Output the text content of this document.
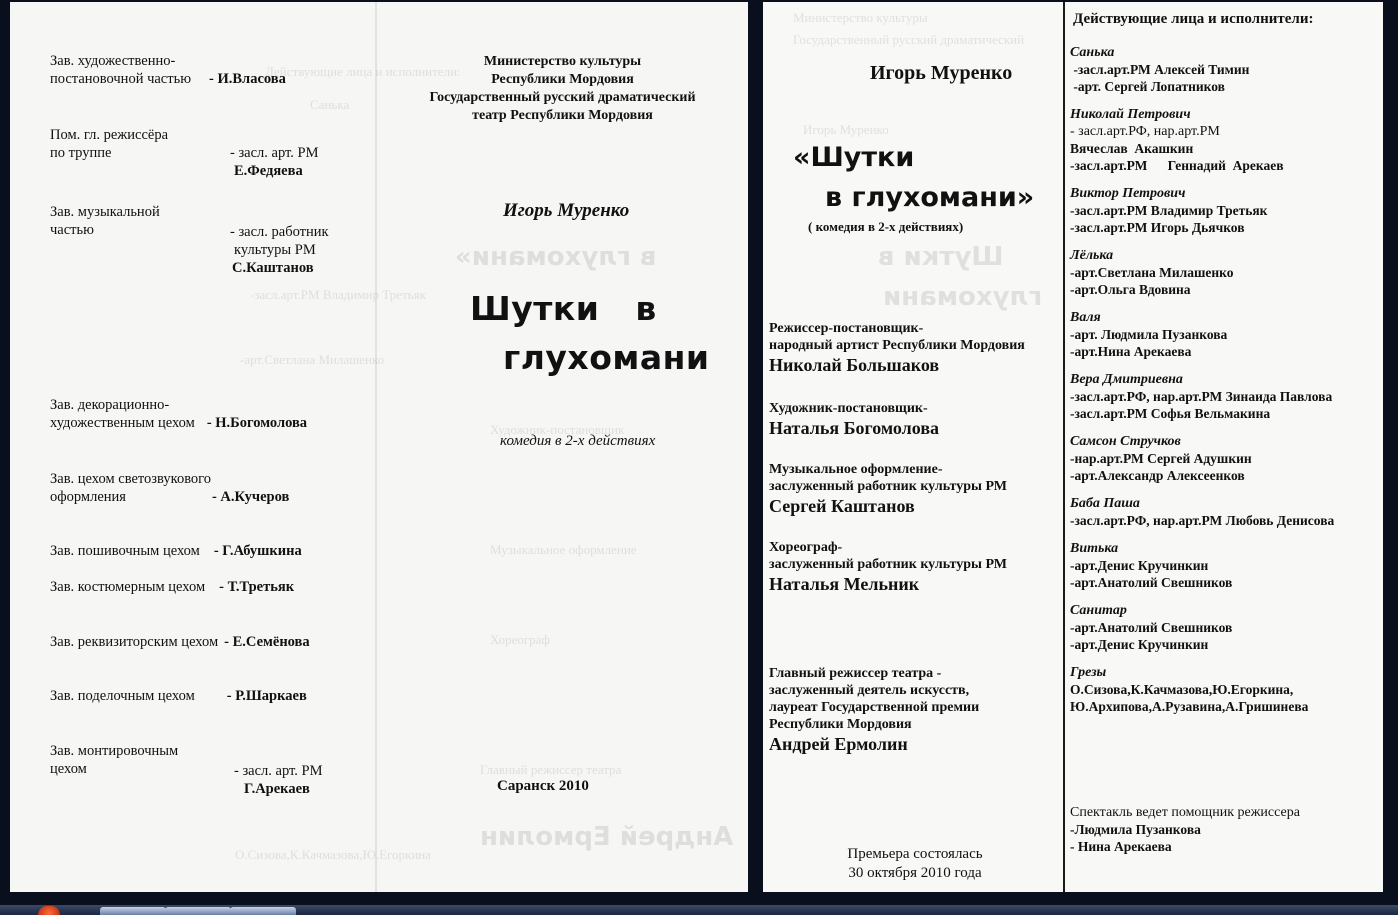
Действующие лица и исполнители:
Санька
-засл.арт.РМ Владимир Третьяк
-арт.Светлана Милашенко
Художник-постановщик
Музыкальное оформление
Хореограф
Главный режиссер театра
О.Сизова,К.Качмазова,Ю.Егоркина
в глухомани»
Андрей Ермолин
Зав. художественно-
постановочной частью - И.Власова
Пом. гл. режиссёра
по труппе	- засл. арт. РМ
Е.Федяева
Зав. музыкальной
частью	- засл. работник
культуры РМ
С.Каштанов
Зав. декорационно-
художественным цехом - Н.Богомолова
Зав. цехом светозвукового
оформления	- А.Кучеров
Зав. пошивочным цехом - Г.Абушкина
Зав. костюмерным цехом - Т.Третьяк
Зав. реквизиторским цехом - Е.Семёнова
Зав. поделочным цехом - Р.Шаркаев
Зав. монтировочным
цехом	- засл. арт. РМ
Г.Арекаев
Министерство культуры
Республики Мордовия
Государственный русский драматический
театр Республики Мордовия
Игорь Муренко
Шутки   в
глухомани
комедия в 2-х действиях
Саранск 2010
Министерство культуры
Государственный русский драматический
Игорь Муренко
Шутки в
глухомани
Игорь Муренко
«Шутки
в глухомани»
( комедия в 2-х действиях)
Режиссер-постановщик-
народный артист Республики Мордовия
Николай Большаков
Художник-постановщик-
Наталья Богомолова
Музыкальное оформление-
заслуженный работник культуры РМ
Сергей Каштанов
Хореограф-
заслуженный работник культуры РМ
Наталья Мельник
Главный режиссер театра -
заслуженный деятель искусств,
лауреат Государственной премии
Республики Мордовия
Андрей Ермолин
Премьера состоялась
30 октября 2010 года
Действующие лица и исполнители:
Санька
-засл.арт.РМ Алексей Тимин
-арт. Сергей Лопатников
Николай Петрович
- засл.арт.РФ, нар.арт.РМ
Вячеслав  Акашкин
-засл.арт.РМ      Геннадий  Арекаев
Виктор Петрович
-засл.арт.РМ Владимир Третьяк
-засл.арт.РМ Игорь Дьячков
Лёлька
-арт.Светлана Милашенко
-арт.Ольга Вдовина
Валя
-арт. Людмила Пузанкова
-арт.Нина Арекаева
Вера Дмитриевна
-засл.арт.РФ, нар.арт.РМ Зинаида Павлова
-засл.арт.РМ Софья Вельмакина
Самсон Стручков
-нар.арт.РМ Сергей Адушкин
-арт.Александр Алексеенков
Баба Паша
-засл.арт.РФ, нар.арт.РМ Любовь Денисова
Витька
-арт.Денис Кручинкин
-арт.Анатолий Свешников
Санитар
-арт.Анатолий Свешников
-арт.Денис Кручинкин
Грезы
О.Сизова,К.Качмазова,Ю.Егоркина,
Ю.Архипова,А.Рузавина,А.Гришинева
Спектакль ведет помощник режиссера
-Людмила Пузанкова
- Нина Арекаева
